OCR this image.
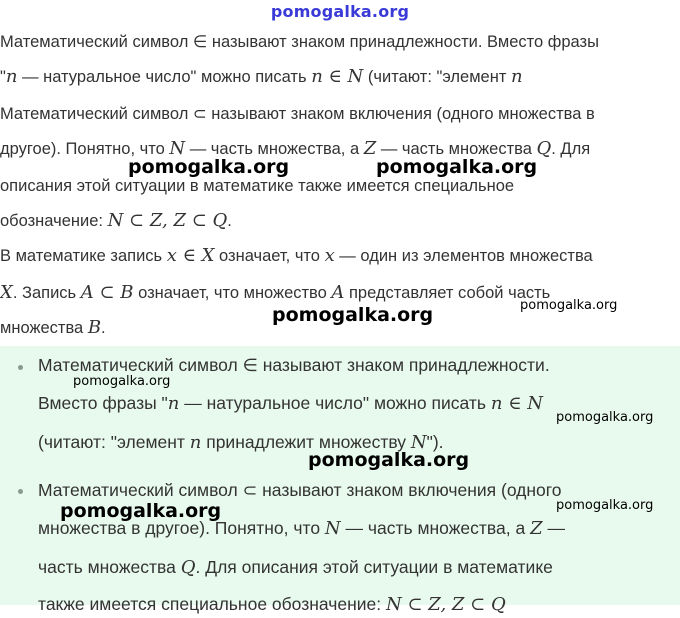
pomogalka.org
Математический символ ∈ называют знаком принадлежности. Вместо фразы
"n — натуральное число" можно писать n ∈ N (читают: "элемент n
Математический символ ⊂ называют знаком включения (одного множества в
другое). Понятно, что N — часть множества, а Z — часть множества Q. Для
описания этой ситуации в математике также имеется специальное
обозначение: N ⊂ Z, Z ⊂ Q.
В математике запись x ∈ X означает, что x — один из элементов множества
X. Запись A ⊂ B означает, что множество A представляет собой часть
множества B.
Математический символ ∈ называют знаком принадлежности.
Вместо фразы "n — натуральное число" можно писать n ∈ N
(читают: "элемент n принадлежит множеству N").
Математический символ ⊂ называют знаком включения (одного
множества в другое). Понятно, что N — часть множества, а Z —
часть множества Q. Для описания этой ситуации в математике
также имеется специальное обозначение: N ⊂ Z, Z ⊂ Q
pomogalka.org	pomogalka.org
pomogalka.org	pomogalka.org
pomogalka.org
pomogalka.org
pomogalka.org
pomogalka.org	pomogalka.org
